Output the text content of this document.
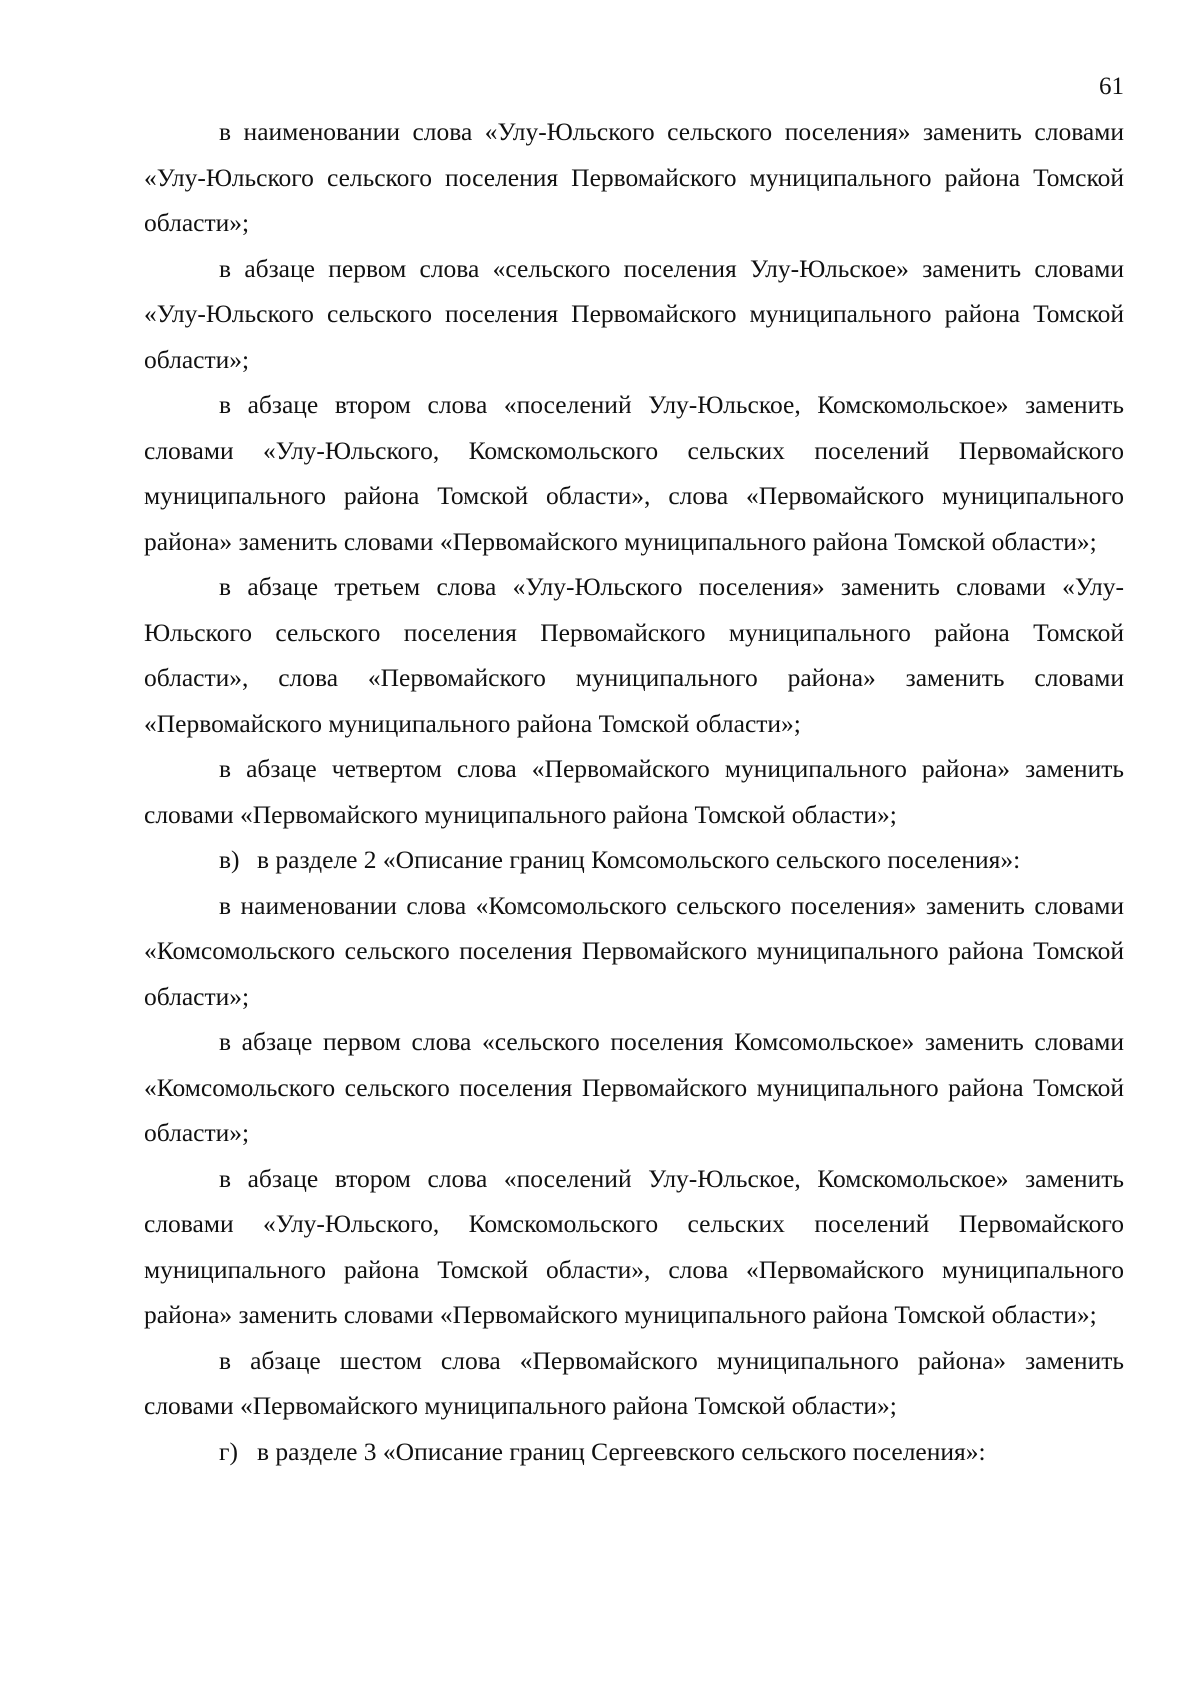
61

в наименовании слова «Улу-Юльского сельского поселения» заменить словами «Улу-Юльского сельского поселения Первомайского муниципального района Томской области»;

в абзаце первом слова «сельского поселения Улу-Юльское» заменить словами «Улу-Юльского сельского поселения Первомайского муниципального района Томской области»;

в абзаце втором слова «поселений Улу-Юльское, Комскомольское» заменить словами «Улу-Юльского, Комскомольского сельских поселений Первомайского муниципального района Томской области», слова «Первомайского муниципального района» заменить словами «Первомайского муниципального района Томской области»;

в абзаце третьем слова «Улу-Юльского поселения» заменить словами «Улу-Юльского сельского поселения Первомайского муниципального района Томской области», слова «Первомайского муниципального района» заменить словами «Первомайского муниципального района Томской области»;

в абзаце четвертом слова «Первомайского муниципального района» заменить словами «Первомайского муниципального района Томской области»;

в) в разделе 2 «Описание границ Комсомольского сельского поселения»:

в наименовании слова «Комсомольского сельского поселения» заменить словами «Комсомольского сельского поселения Первомайского муниципального района Томской области»;

в абзаце первом слова «сельского поселения Комсомольское» заменить словами «Комсомольского сельского поселения Первомайского муниципального района Томской области»;

в абзаце втором слова «поселений Улу-Юльское, Комскомольское» заменить словами «Улу-Юльского, Комскомольского сельских поселений Первомайского муниципального района Томской области», слова «Первомайского муниципального района» заменить словами «Первомайского муниципального района Томской области»;

в абзаце шестом слова «Первомайского муниципального района» заменить словами «Первомайского муниципального района Томской области»;

г) в разделе 3 «Описание границ Сергеевского сельского поселения»:
